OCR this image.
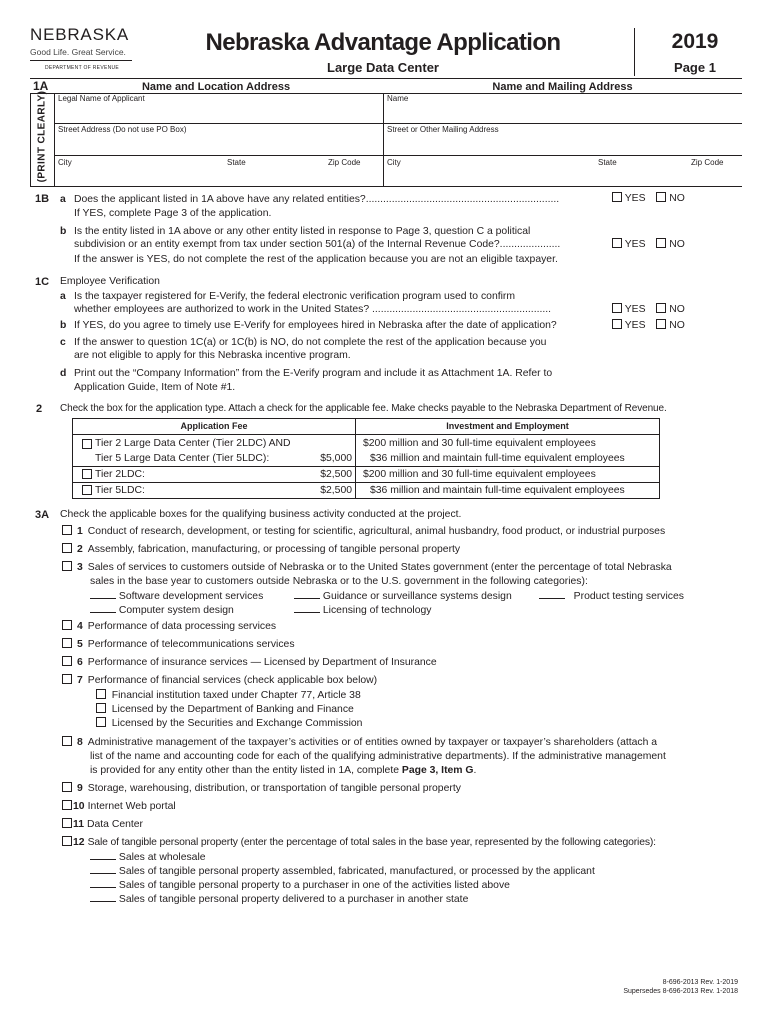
NEBRASKA
Good Life. Great Service.
DEPARTMENT OF REVENUE
Nebraska Advantage Application
Large Data Center
2019
Page 1
1A	Name and Location Address	Name and Mailing Address
(PRINT CLEARLY) Legal Name of Applicant	Name
Street Address (Do not use PO Box)	Street or Other Mailing Address
City	State	Zip Code	City	State	Zip Code
1B a Does the applicant listed in 1A above have any related entities?...................................................................	YES NO
If YES, complete Page 3 of the application.
b Is the entity listed in 1A above or any other entity listed in response to Page 3, question C a political
subdivision or an entity exempt from tax under section 501(a) of the Internal Revenue Code?.....................	YES NO
If the answer is YES, do not complete the rest of the application because you are not an eligible taxpayer.
1C Employee Verification
a Is the taxpayer registered for E-Verify, the federal electronic verification program used to confirm
whether employees are authorized to work in the United States? ..............................................................	YES NO
b If YES, do you agree to timely use E-Verify for employees hired in Nebraska after the date of application?	YES NO
c If the answer to question 1C(a) or 1C(b) is NO, do not complete the rest of the application because you
are not eligible to apply for this Nebraska incentive program.
d Print out the “Company Information” from the E-Verify program and include it as Attachment 1A. Refer to
Application Guide, Item of Note #1.
2 Check the box for the application type. Attach a check for the applicable fee. Make checks payable to the Nebraska Department of Revenue.
Application Fee	Investment and Employment
Tier 2 Large Data Center (Tier 2LDC) AND
Tier 5 Large Data Center (Tier 5LDC):	$5,000
$200 million and 30 full-time equivalent employees
$36 million and maintain full-time equivalent employees
Tier 2LDC:	$2,500 $200 million and 30 full-time equivalent employees
Tier 5LDC:	$2,500 $36 million and maintain full-time equivalent employees
3A Check the applicable boxes for the qualifying business activity conducted at the project.
1 Conduct of research, development, or testing for scientific, agricultural, animal husbandry, food product, or industrial purposes
2 Assembly, fabrication, manufacturing, or processing of tangible personal property
3 Sales of services to customers outside of Nebraska or to the United States government (enter the percentage of total Nebraska
sales in the base year to customers outside Nebraska or to the U.S. government in the following categories):
Software development services	Guidance or surveillance systems design	Product testing services
Computer system design	Licensing of technology
4 Performance of data processing services
5 Performance of telecommunications services
6 Performance of insurance services — Licensed by Department of Insurance
7 Performance of financial services (check applicable box below)
Financial institution taxed under Chapter 77, Article 38
Licensed by the Department of Banking and Finance
Licensed by the Securities and Exchange Commission
8 Administrative management of the taxpayer’s activities or of entities owned by taxpayer or taxpayer’s shareholders (attach a
list of the name and accounting code for each of the qualifying administrative departments). If the administrative management
is provided for any entity other than the entity listed in 1A, complete Page 3, Item G.
9 Storage, warehousing, distribution, or transportation of tangible personal property
10 Internet Web portal
11 Data Center
12 Sale of tangible personal property (enter the percentage of total sales in the base year, represented by the following categories):
Sales at wholesale
Sales of tangible personal property assembled, fabricated, manufactured, or processed by the applicant
Sales of tangible personal property to a purchaser in one of the activities listed above
Sales of tangible personal property delivered to a purchaser in another state
8-696-2013 Rev. 1-2019
Supersedes 8-696-2013 Rev. 1-2018
